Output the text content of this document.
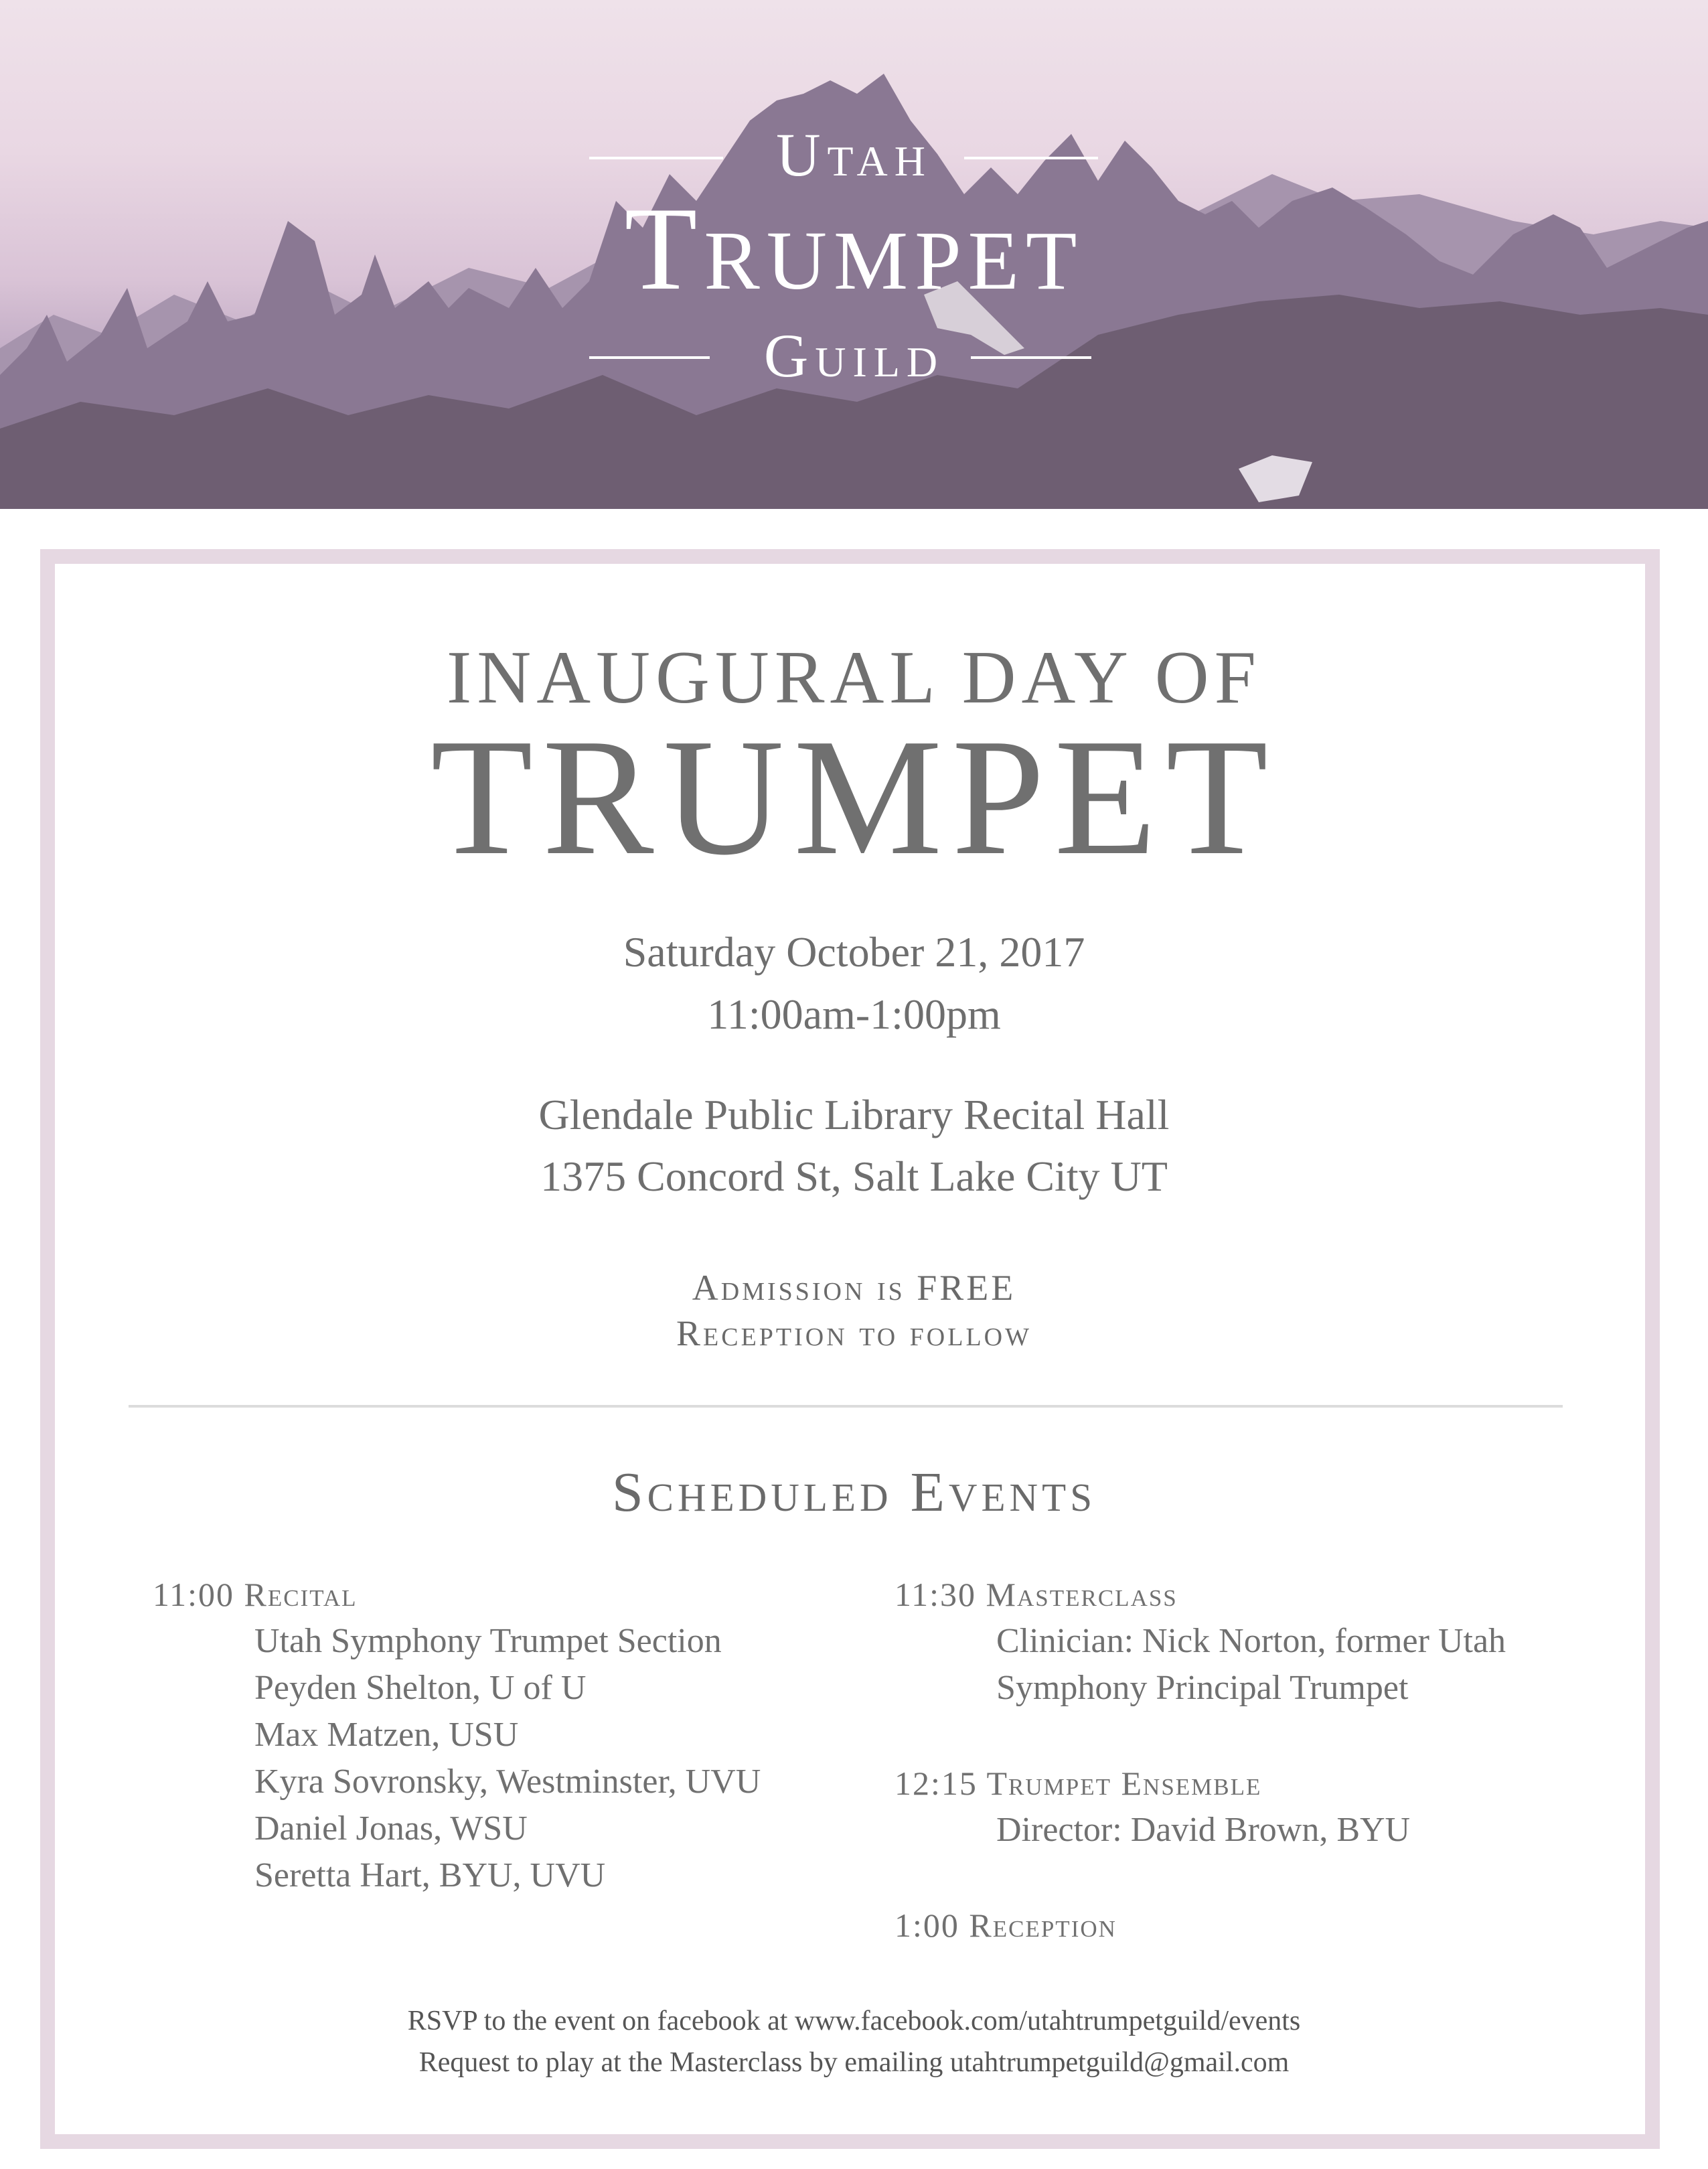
Utah
Trumpet
Guild
INAUGURAL DAY OF
TRUMPET
Saturday October 21, 2017
11:00am-1:00pm
Glendale Public Library Recital Hall
1375 Concord St, Salt Lake City UT
Admission is FREE
Reception to follow
Scheduled Events
11:00 Recital
Utah Symphony Trumpet Section
Peyden Shelton, U of U
Max Matzen, USU
Kyra Sovronsky, Westminster, UVU
Daniel Jonas, WSU
Seretta Hart, BYU, UVU
11:30 Masterclass
Clinician: Nick Norton, former Utah
Symphony Principal Trumpet
12:15 Trumpet Ensemble
Director: David Brown, BYU
1:00 Reception
RSVP to the event on facebook at www.facebook.com/utahtrumpetguild/events
Request to play at the Masterclass by emailing utahtrumpetguild@gmail.com
